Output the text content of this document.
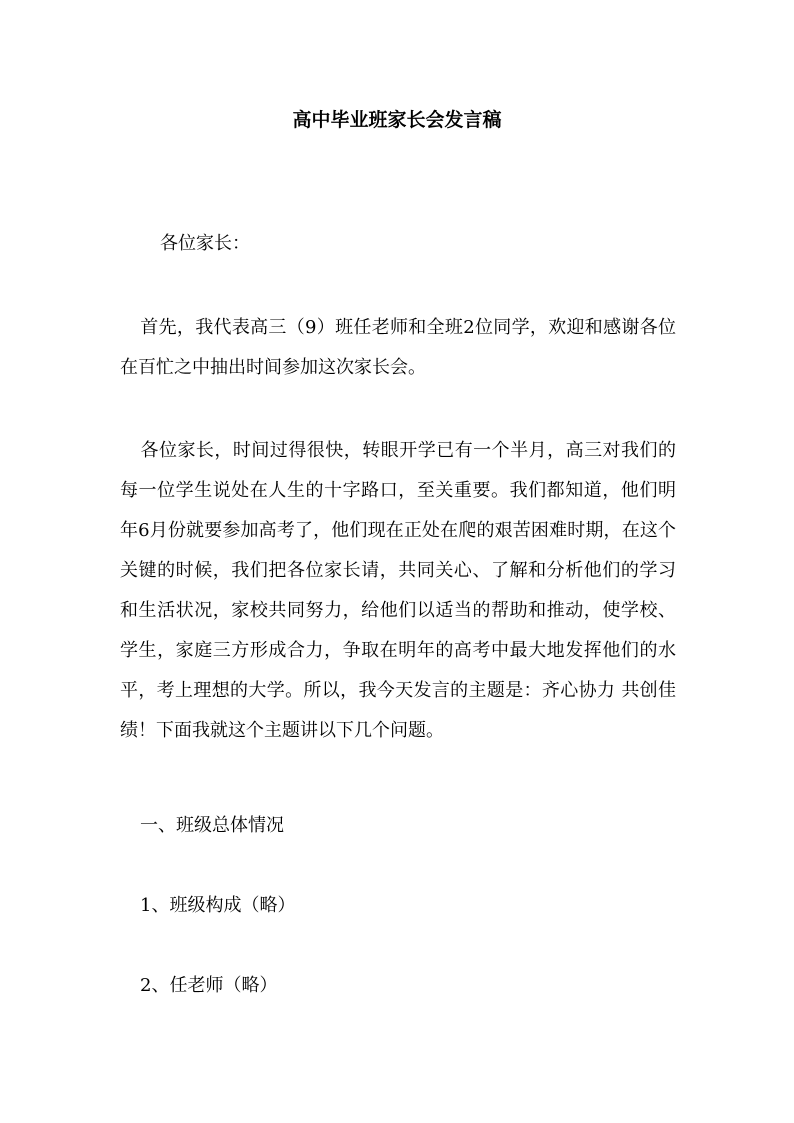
高中毕业班家长会发言稿

各位家长：

首先，我代表高三（9）班任老师和全班2位同学，欢迎和感谢各位在百忙之中抽出时间参加这次家长会。

各位家长，时间过得很快，转眼开学已有一个半月，高三对我们的每一位学生说处在人生的十字路口，至关重要。我们都知道，他们明年6月份就要参加高考了，他们现在正处在爬的艰苦困难时期，在这个关键的时候，我们把各位家长请，共同关心、了解和分析他们的学习和生活状况，家校共同努力，给他们以适当的帮助和推动，使学校、学生，家庭三方形成合力，争取在明年的高考中最大地发挥他们的水平，考上理想的大学。所以，我今天发言的主题是：齐心协力 共创佳绩！下面我就这个主题讲以下几个问题。

一、班级总体情况

1、班级构成（略）

2、任老师（略）
